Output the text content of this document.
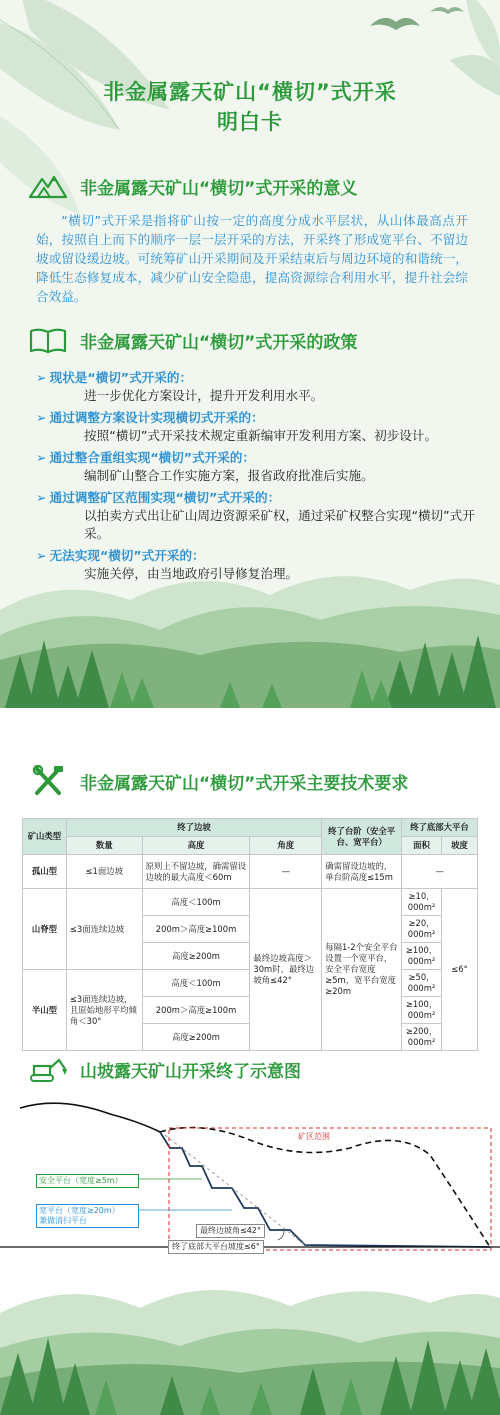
非金属露天矿山“横切”式开采
明白卡
非金属露天矿山“横切”式开采的意义
“横切”式开采是指将矿山按一定的高度分成水平层状，从山体最高点开始，按照自上而下的顺序一层一层开采的方法，开采终了形成宽平台、不留边坡或留设缓边坡。可统筹矿山开采期间及开采结束后与周边环境的和谐统一，降低生态修复成本，减少矿山安全隐患，提高资源综合利用水平，提升社会综合效益。
非金属露天矿山“横切”式开采的政策
➢ 现状是“横切”式开采的：
进一步优化方案设计，提升开发利用水平。
➢ 通过调整方案设计实现横切式开采的：
按照“横切”式开采技术规定重新编审开发利用方案、初步设计。
➢ 通过整合重组实现“横切”式开采的：
编制矿山整合工作实施方案，报省政府批准后实施。
➢ 通过调整矿区范围实现“横切”式开采的：
以拍卖方式出让矿山周边资源采矿权，通过采矿权整合实现“横切”式开采。
➢ 无法实现“横切”式开采的：
实施关停，由当地政府引导修复治理。
非金属露天矿山“横切”式开采主要技术要求
矿山类型	终了边坡			终了台阶（安全平台、宽平台）	终了底部大平台	
	数量	高度	角度		面积	坡度
孤山型	≤1面边坡	原则上不留边坡，确需留设边坡的最大高度＜60m	—	确需留设边坡的，单台阶高度≤15m	—	
山脊型	≤3面连续边坡	高度＜100m	最终边坡高度＞30m时，最终边坡角≤42°	每隔1-2个安全平台设置一个宽平台，安全平台宽度≥5m，宽平台宽度≥20m	≥10，000m²	≤6°
		200m＞高度≥100m			≥20，000m²	
		高度≥200m			≥100，000m²	
半山型	≤3面连续边坡，且原始地形平均倾角＜30°	高度＜100m			≥50，000m²	
		200m＞高度≥100m			≥100，000m²	
		高度≥200m			≥200，000m²	
山坡露天矿山开采终了示意图
矿区范围
安全平台（宽度≥5m）
宽平台（宽度≥20m）
兼做清扫平台
最终边坡角≤42°
终了底部大平台坡度≤6°
